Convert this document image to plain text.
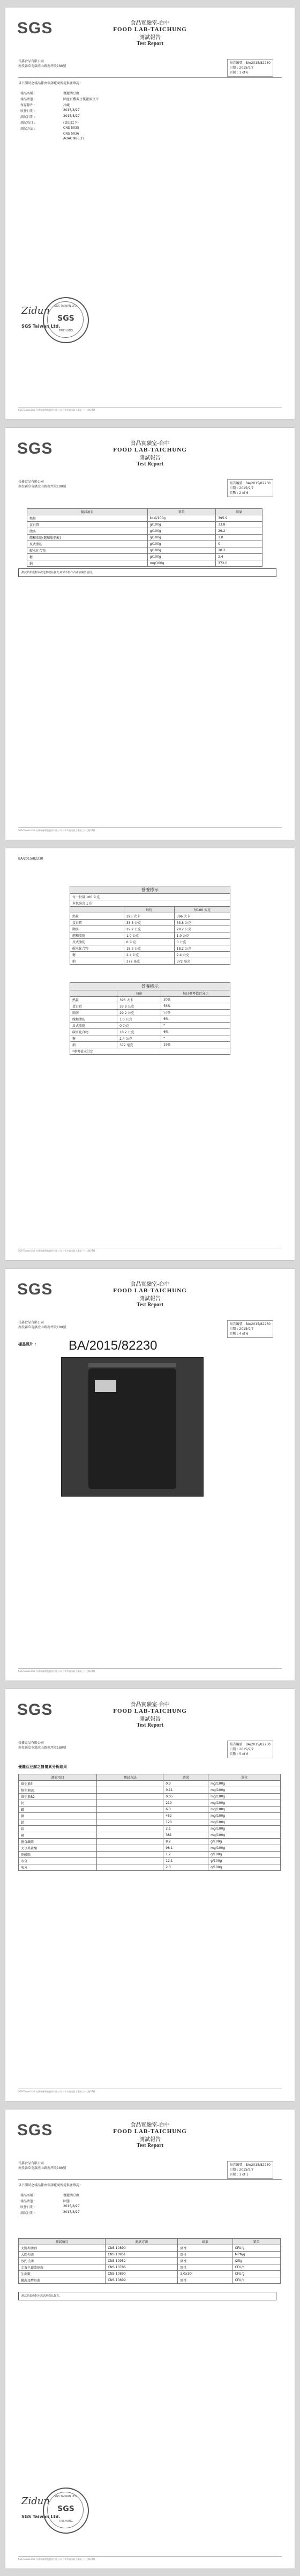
SGS	食品實驗室-台中
FOOD LAB-TAICHUNG
測試報告
Test Report
長鑫食品有限公司
南投縣草屯鎮虎山路南坪段180號
報告編號 : BA/2015/82230
日期 : 2015/9/7
頁數 : 1 of 6
以下測試之樣品係由申請廠商所提供並確認 :
樣品名稱 :	優麗活豆腐
樣品狀態 :	國產有機黃豆優麗活豆片
保存條件 :	冷藏
收件日期 :	2015/8/27
測試日期 :	2015/8/27
測試項目 :	(請見以下)
測試方法 :	CNS 5035
	CNS 5036
	AOAC 986.27
Zidun
SGS Taiwan Ltd.
SGS TAIWAN LTD.
SGS
TAICHUNG
SGS Taiwan Ltd. 台灣檢驗科技股份有限公司 台中市西屯區工業區三十七路27號
SGS	食品實驗室-台中
FOOD LAB-TAICHUNG
測試報告
Test Report
長鑫食品有限公司
南投縣草屯鎮虎山路南坪段180號
報告編號 : BA/2015/82230
日期 : 2015/9/7
頁數 : 2 of 6
測試項目	單位	結果
熱量	kcal/100g	395.9
蛋白質	g/100g	33.8
脂肪	g/100g	29.2
飽和脂肪(飽和脂肪酸)	g/100g	1.0
反式脂肪	g/100g	0
碳水化合物	g/100g	18.2
糖	g/100g	2.4
鈉	mg/100g	372.0
測試結果僅對本次送測樣品負責,結果不得作為產品廣告使用。
SGS Taiwan Ltd. 台灣檢驗科技股份有限公司 台中市西屯區工業區三十七路27號
BA/2015/82230
營養標示		
每一份量 100 公克		
本包裝含 1 份		
	每份	每100 公克
熱量	396 大卡	396 大卡
蛋白質	33.8 公克	33.8 公克
脂肪	29.2 公克	29.2 公克
飽和脂肪	1.0 公克	1.0 公克
反式脂肪	0 公克	0 公克
碳水化合物	18.2 公克	18.2 公克
糖	2.4 公克	2.4 公克
鈉	372 毫克	372 毫克
營養標示		
	每份	每日參考值百分比
熱量	396 大卡	20%
蛋白質	33.8 公克	56%
脂肪	29.2 公克	53%
飽和脂肪	1.0 公克	6%
反式脂肪	0 公克	*
碳水化合物	18.2 公克	6%
糖	2.4 公克	*
鈉	372 毫克	19%
*參考值未訂定		
SGS Taiwan Ltd. 台灣檢驗科技股份有限公司 台中市西屯區工業區三十七路27號
SGS	食品實驗室-台中
FOOD LAB-TAICHUNG
測試報告
Test Report
長鑫食品有限公司
南投縣草屯鎮虎山路南坪段180號
報告編號 : BA/2015/82230
日期 : 2015/9/7
頁數 : 4 of 6
樣品照片 :	BA/2015/82230
SGS Taiwan Ltd. 台灣檢驗科技股份有限公司 台中市西屯區工業區三十七路27號
SGS	食品實驗室-台中
FOOD LAB-TAICHUNG
測試報告
Test Report
長鑫食品有限公司
南投縣草屯鎮虎山路南坪段180號
報告編號 : BA/2015/82230
日期 : 2015/9/7
頁數 : 5 of 6
優麗活豆腐之營養素分析結果
測試項目	測試方法	結果	單位
維生素E		0.3	mg/100g
維生素B1		0.11	mg/100g
維生素B2		0.05	mg/100g
鈣		219	mg/100g
鐵		6.3	mg/100g
鉀		452	mg/100g
鎂		120	mg/100g
鋅		2.1	mg/100g
磷		381	mg/100g
膳食纖維		8.2	g/100g
大豆異黃酮		98.1	mg/100g
卵磷脂		1.2	g/100g
水分		12.1	g/100g
灰分		2.3	g/100g
SGS Taiwan Ltd. 台灣檢驗科技股份有限公司 台中市西屯區工業區三十七路27號
SGS	食品實驗室-台中
FOOD LAB-TAICHUNG
測試報告
Test Report
長鑫食品有限公司
南投縣草屯鎮虎山路南坪段180號
報告編號 : BA/2015/82230
日期 : 2015/9/7
頁數 : 1 of 1
以下測試之樣品係由申請廠商所提供並確認 :
樣品名稱 :	優麗活豆腐
樣品狀態 :	固態
收件日期 :	2015/8/27
測試日期 :	2015/8/27
測試項目	測試方法	結果	單位
大腸桿菌群	CNS 10890	陰性	CFU/g
大腸桿菌	CNS 10951	陰性	MPN/g
沙門氏菌	CNS 10952	陰性	/25g
金黃色葡萄球菌	CNS 10786	陰性	CFU/g
生菌數	CNS 10890	3.0x10²	CFU/g
黴菌及酵母菌	CNS 10899	陰性	CFU/g
測試結果僅對本次送測樣品負責。
Zidun
SGS Taiwan Ltd.
SGS TAIWAN LTD.
SGS
TAICHUNG
SGS Taiwan Ltd. 台灣檢驗科技股份有限公司 台中市西屯區工業區三十七路27號
